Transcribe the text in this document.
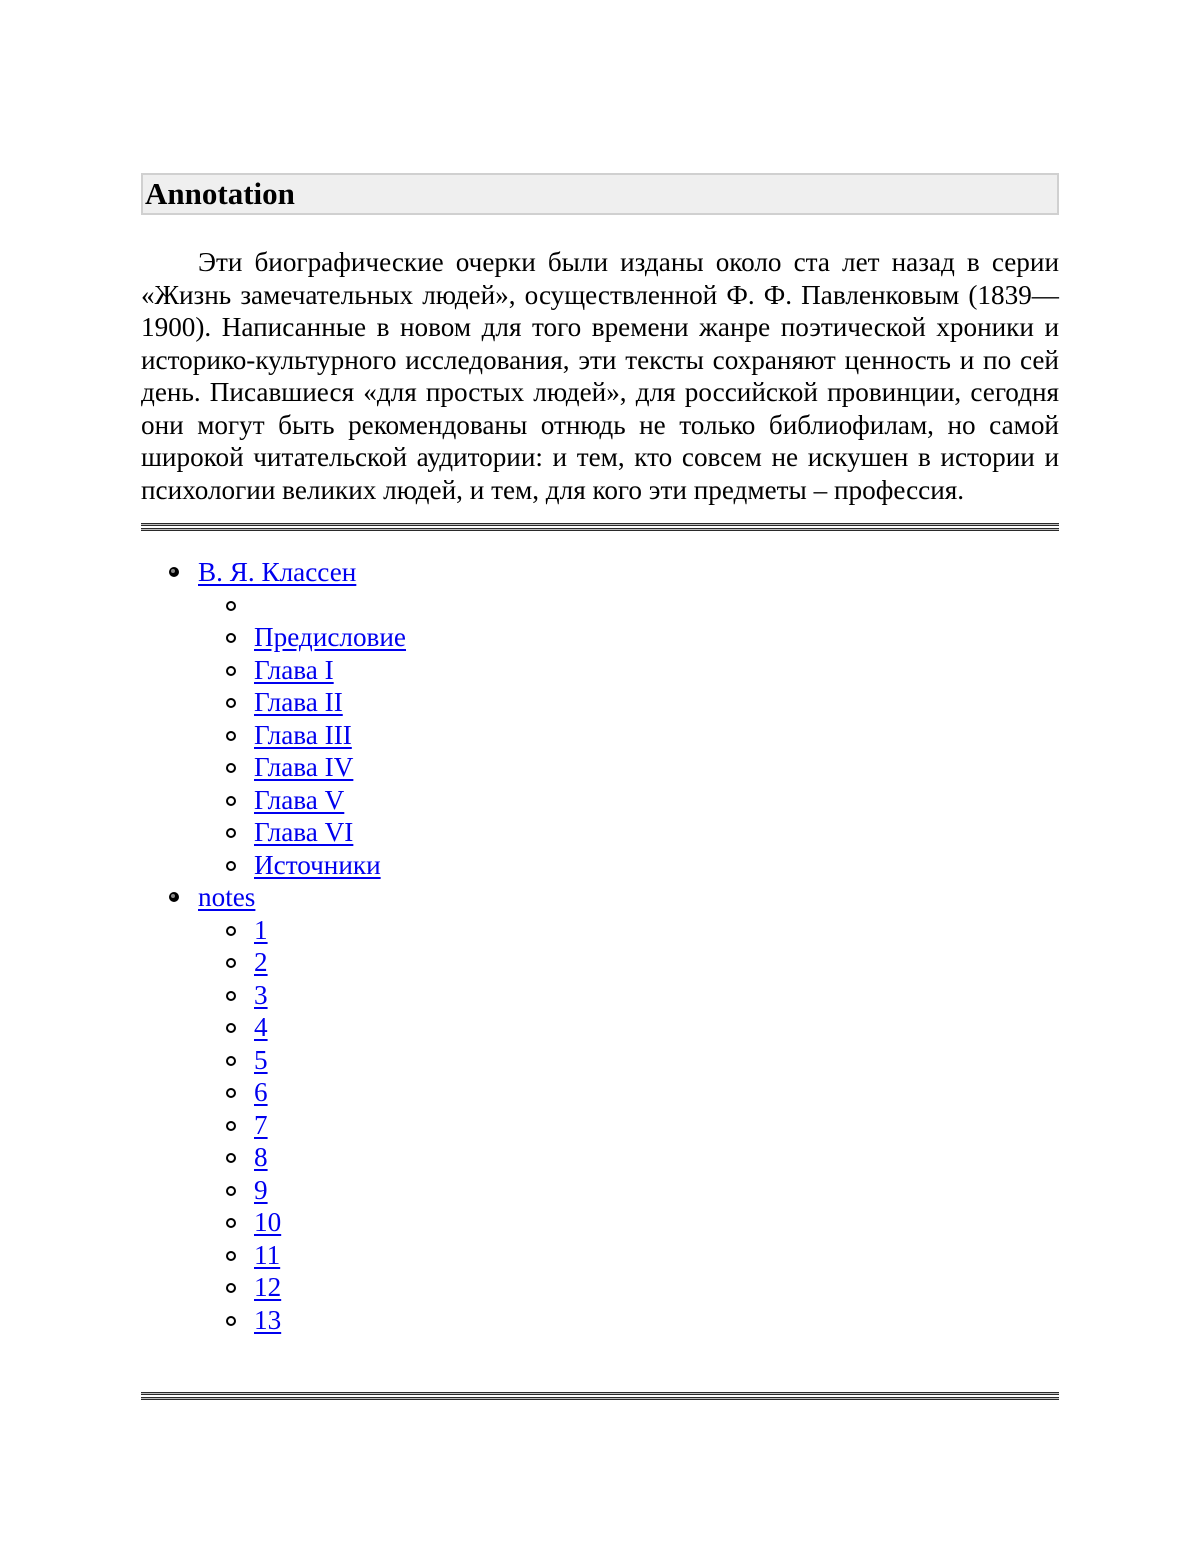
Annotation

Эти биографические очерки были изданы около ста лет назад в серии «Жизнь замечательных людей», осуществленной Ф. Ф. Павленковым (1839—1900). Написанные в новом для того времени жанре поэтической хроники и историко-культурного исследования, эти тексты сохраняют ценность и по сей день. Писавшиеся «для простых людей», для российской провинции, сегодня они могут быть рекомендованы отнюдь не только библиофилам, но самой широкой читательской аудитории: и тем, кто совсем не искушен в истории и психологии великих людей, и тем, для кого эти предметы – профессия.

В. Я. Классен
Предисловие
Глава I
Глава II
Глава III
Глава IV
Глава V
Глава VI
Источники
notes
1
2
3
4
5
6
7
8
9
10
11
12
13
